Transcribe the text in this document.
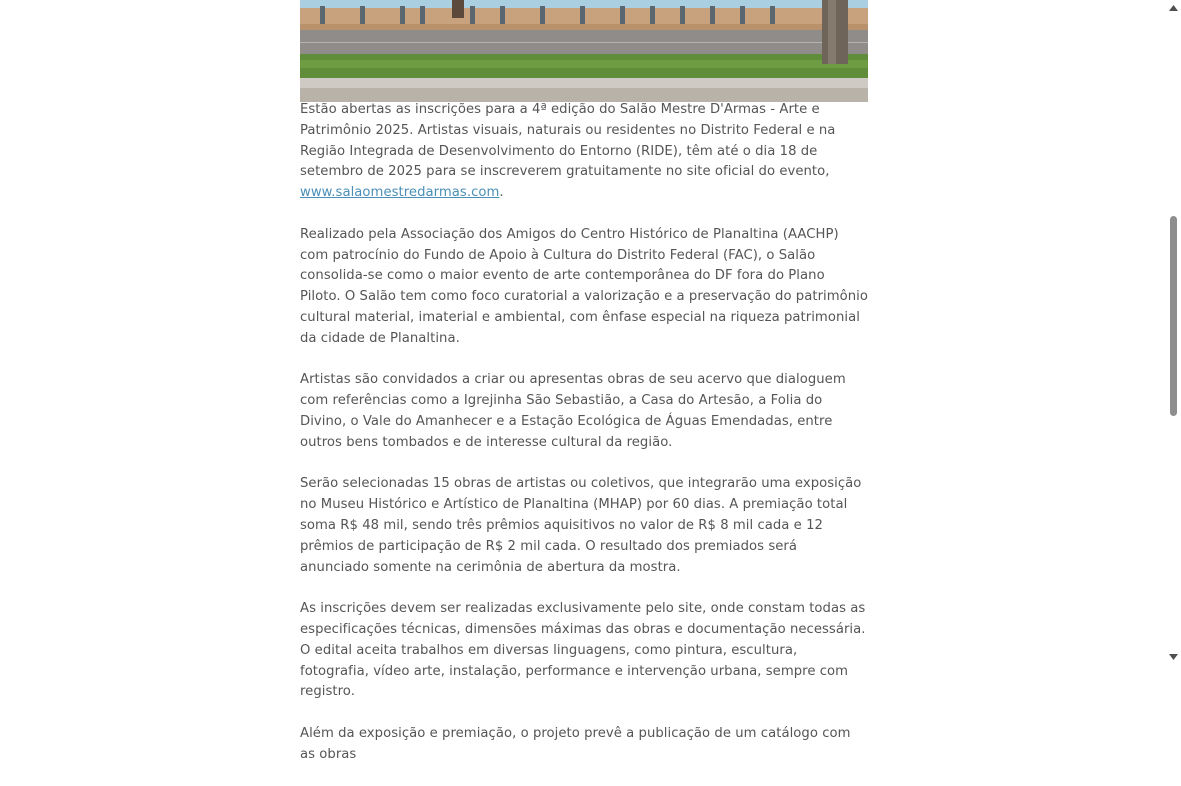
Estão abertas as inscrições para a 4ª edição do Salão Mestre D'Armas - Arte e Patrimônio 2025. Artistas visuais, naturais ou residentes no Distrito Federal e na Região Integrada de Desenvolvimento do Entorno (RIDE), têm até o dia 18 de setembro de 2025 para se inscreverem gratuitamente no site oficial do evento, www.salaomestredarmas.com.

Realizado pela Associação dos Amigos do Centro Histórico de Planaltina (AACHP) com patrocínio do Fundo de Apoio à Cultura do Distrito Federal (FAC), o Salão consolida-se como o maior evento de arte contemporânea do DF fora do Plano Piloto. O Salão tem como foco curatorial a valorização e a preservação do patrimônio cultural material, imaterial e ambiental, com ênfase especial na riqueza patrimonial da cidade de Planaltina.

Artistas são convidados a criar ou apresentas obras de seu acervo que dialoguem com referências como a Igrejinha São Sebastião, a Casa do Artesão, a Folia do Divino, o Vale do Amanhecer e a Estação Ecológica de Águas Emendadas, entre outros bens tombados e de interesse cultural da região.

Serão selecionadas 15 obras de artistas ou coletivos, que integrarão uma exposição no Museu Histórico e Artístico de Planaltina (MHAP) por 60 dias. A premiação total soma R$ 48 mil, sendo três prêmios aquisitivos no valor de R$ 8 mil cada e 12 prêmios de participação de R$ 2 mil cada. O resultado dos premiados será anunciado somente na cerimônia de abertura da mostra.

As inscrições devem ser realizadas exclusivamente pelo site, onde constam todas as especificações técnicas, dimensões máximas das obras e documentação necessária. O edital aceita trabalhos em diversas linguagens, como pintura, escultura, fotografia, vídeo arte, instalação, performance e intervenção urbana, sempre com registro.

Além da exposição e premiação, o projeto prevê a publicação de um catálogo com as obras
